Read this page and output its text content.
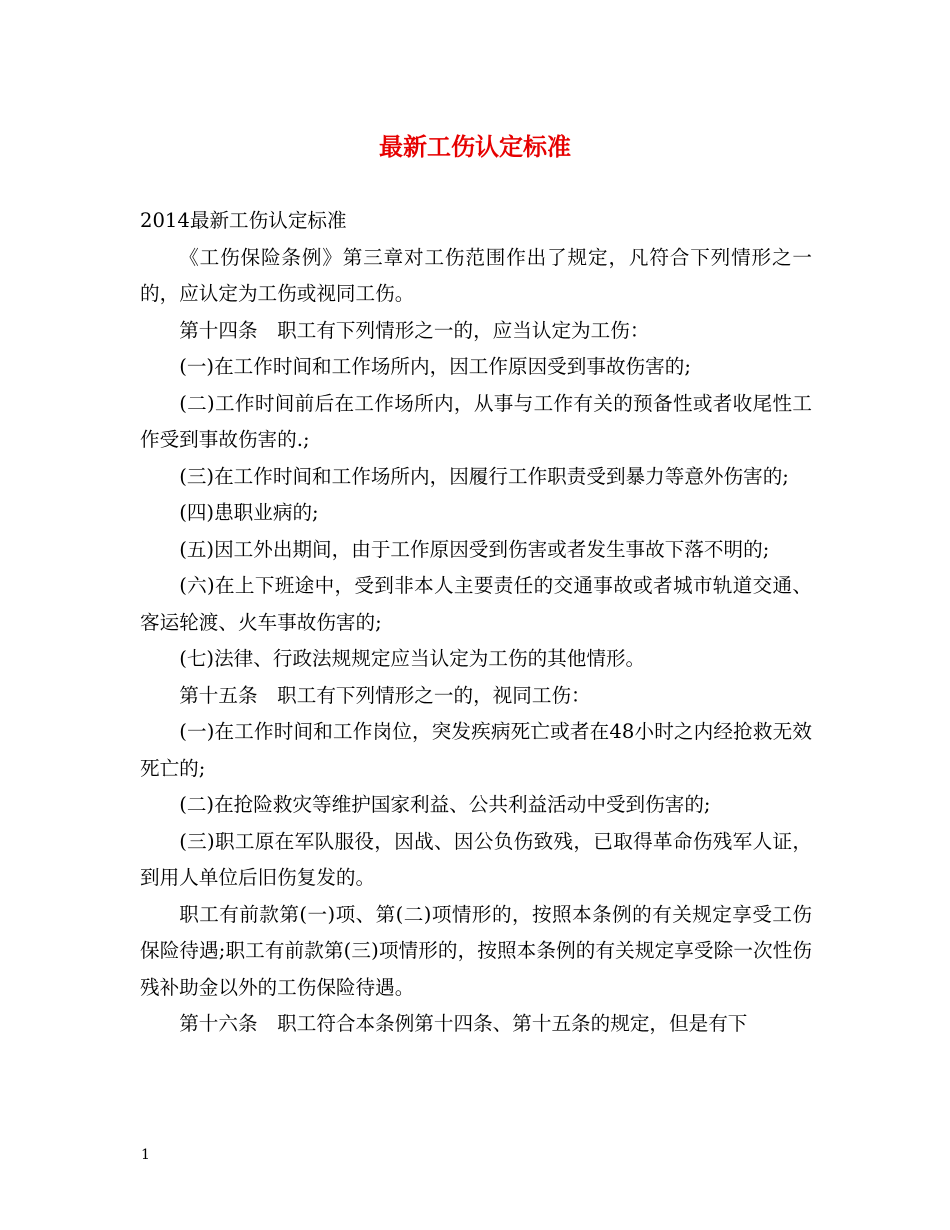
最新工伤认定标准

2014最新工伤认定标准

《工伤保险条例》第三章对工伤范围作出了规定，凡符合下列情形之一的，应认定为工伤或视同工伤。

第十四条　职工有下列情形之一的，应当认定为工伤：

(一)在工作时间和工作场所内，因工作原因受到事故伤害的;

(二)工作时间前后在工作场所内，从事与工作有关的预备性或者收尾性工作受到事故伤害的.;

(三)在工作时间和工作场所内，因履行工作职责受到暴力等意外伤害的;

(四)患职业病的;

(五)因工外出期间，由于工作原因受到伤害或者发生事故下落不明的;

(六)在上下班途中，受到非本人主要责任的交通事故或者城市轨道交通、客运轮渡、火车事故伤害的;

(七)法律、行政法规规定应当认定为工伤的其他情形。

第十五条　职工有下列情形之一的，视同工伤：

(一)在工作时间和工作岗位，突发疾病死亡或者在48小时之内经抢救无效死亡的;

(二)在抢险救灾等维护国家利益、公共利益活动中受到伤害的;

(三)职工原在军队服役，因战、因公负伤致残，已取得革命伤残军人证，到用人单位后旧伤复发的。

职工有前款第(一)项、第(二)项情形的，按照本条例的有关规定享受工伤保险待遇;职工有前款第(三)项情形的，按照本条例的有关规定享受除一次性伤残补助金以外的工伤保险待遇。

第十六条　职工符合本条例第十四条、第十五条的规定，但是有下

1
